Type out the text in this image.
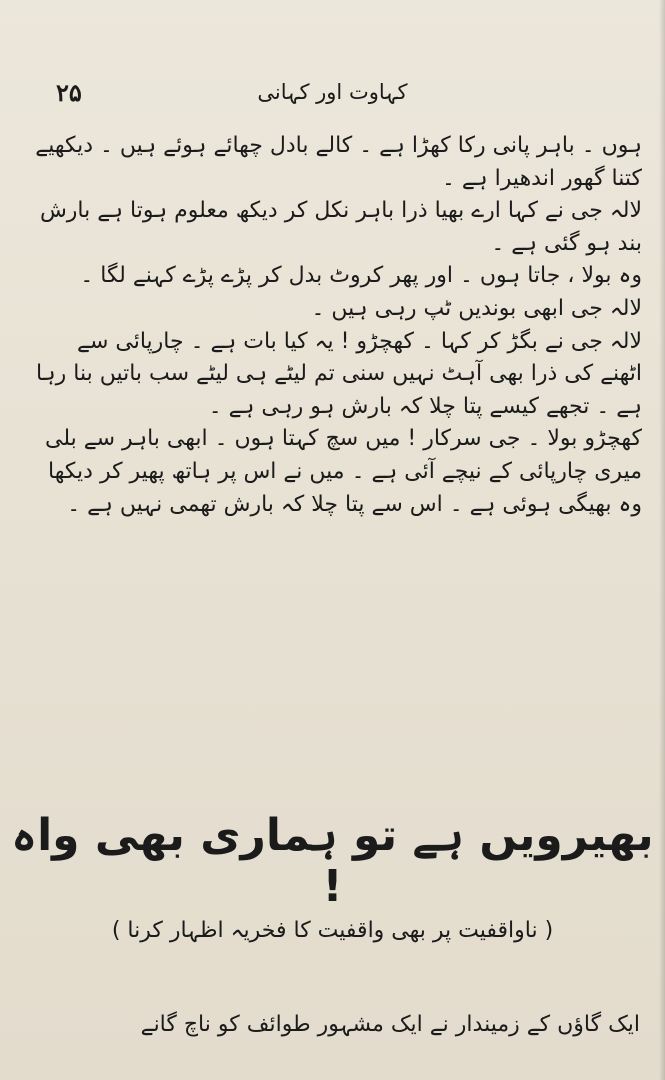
۲۵	کہاوت اور کہانی

ہوں ۔ باہر پانی رکا کھڑا ہے ۔ کالے بادل چھائے ہوئے ہیں ۔ دیکھیے کتنا گھور اندھیرا ہے ۔

لالہ جی نے کہا ارے بھیا ذرا باہر نکل کر دیکھ معلوم ہوتا ہے بارش بند ہو گئی ہے ۔

وہ بولا ، جاتا ہوں ۔ اور پھر کروٹ بدل کر پڑے پڑے کہنے لگا ۔

لالہ جی ابھی بوندیں ٹپ رہی ہیں ۔

لالہ جی نے بگڑ کر کہا ۔ کھچڑو ! یہ کیا بات ہے ۔ چارپائی سے اٹھنے کی ذرا بھی آہٹ نہیں سنی تم لیٹے ہی لیٹے سب باتیں بنا رہا ہے ۔ تجھے کیسے پتا چلا کہ بارش ہو رہی ہے ۔

کھچڑو بولا ۔ جی سرکار ! میں سچ کہتا ہوں ۔ ابھی باہر سے بلی میری چارپائی کے نیچے آئی ہے ۔ میں نے اس پر ہاتھ پھیر کر دیکھا وہ بھیگی ہوئی ہے ۔ اس سے پتا چلا کہ بارش تھمی نہیں ہے ۔

بھیرویں ہے تو ہماری بھی واہ !
( ناواقفیت پر بھی واقفیت کا فخریہ اظہار کرنا )
ایک گاؤں کے زمیندار نے ایک مشہور طوائف کو ناچ گانے
